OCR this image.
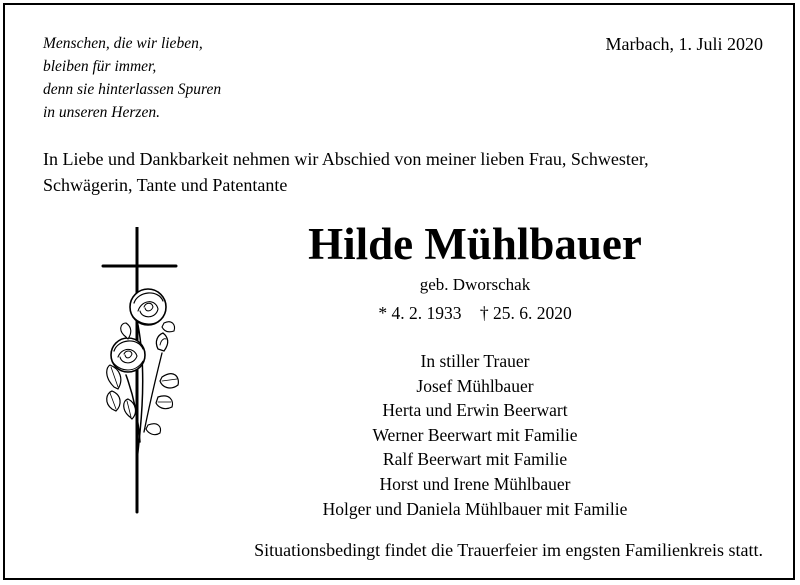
Menschen, die wir lieben,
bleiben für immer,
denn sie hinterlassen Spuren
in unseren Herzen.
Marbach, 1. Juli 2020
In Liebe und Dankbarkeit nehmen wir Abschied von meiner lieben Frau, Schwester,
Schwägerin, Tante und Patentante
Hilde Mühlbauer
geb. Dworschak
* 4. 2. 1933 † 25. 6. 2020
In stiller Trauer
Josef Mühlbauer
Herta und Erwin Beerwart
Werner Beerwart mit Familie
Ralf Beerwart mit Familie
Horst und Irene Mühlbauer
Holger und Daniela Mühlbauer mit Familie
Situationsbedingt findet die Trauerfeier im engsten Familienkreis statt.
